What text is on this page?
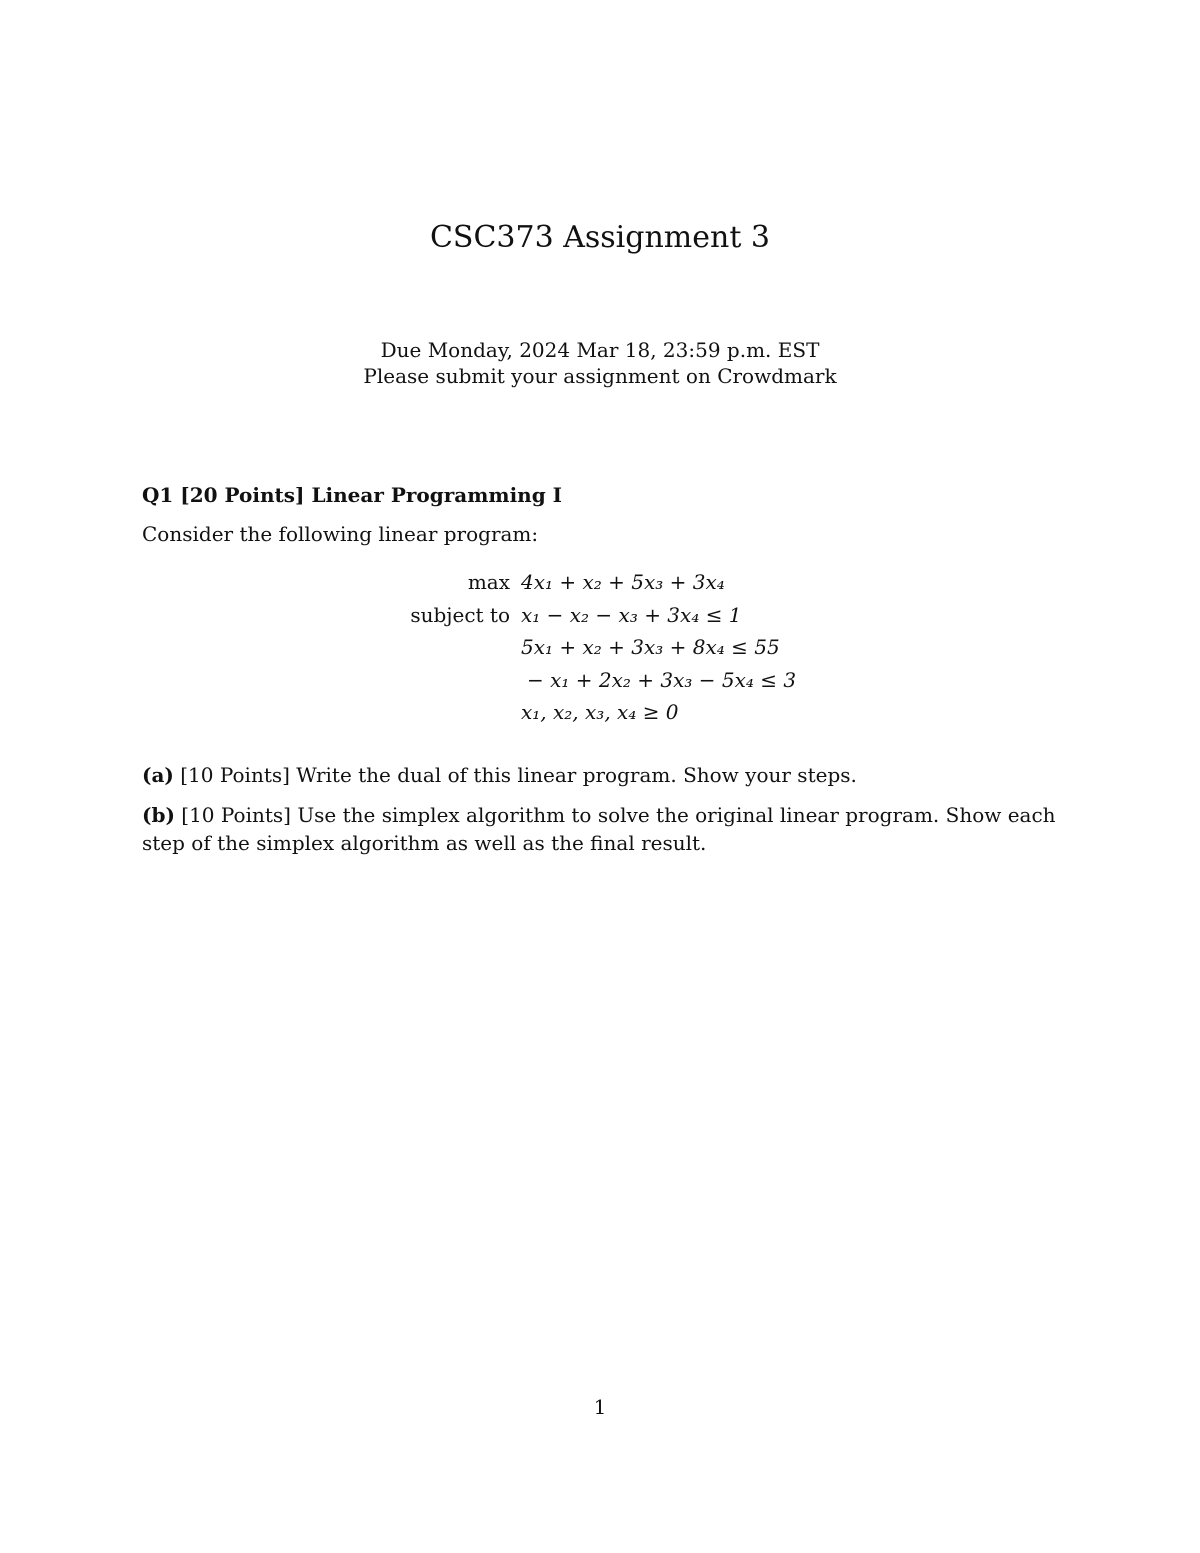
CSC373 Assignment 3
Due Monday, 2024 Mar 18, 23:59 p.m. EST
Please submit your assignment on Crowdmark
Q1 [20 Points] Linear Programming I
Consider the following linear program:
max 4x₁ + x₂ + 5x₃ + 3x₄
subject to x₁ − x₂ − x₃ + 3x₄ ≤ 1
5x₁ + x₂ + 3x₃ + 8x₄ ≤ 55
− x₁ + 2x₂ + 3x₃ − 5x₄ ≤ 3
x₁, x₂, x₃, x₄ ≥ 0
(a) [10 Points] Write the dual of this linear program. Show your steps.
(b) [10 Points] Use the simplex algorithm to solve the original linear program. Show each step of the simplex algorithm as well as the final result.
1
